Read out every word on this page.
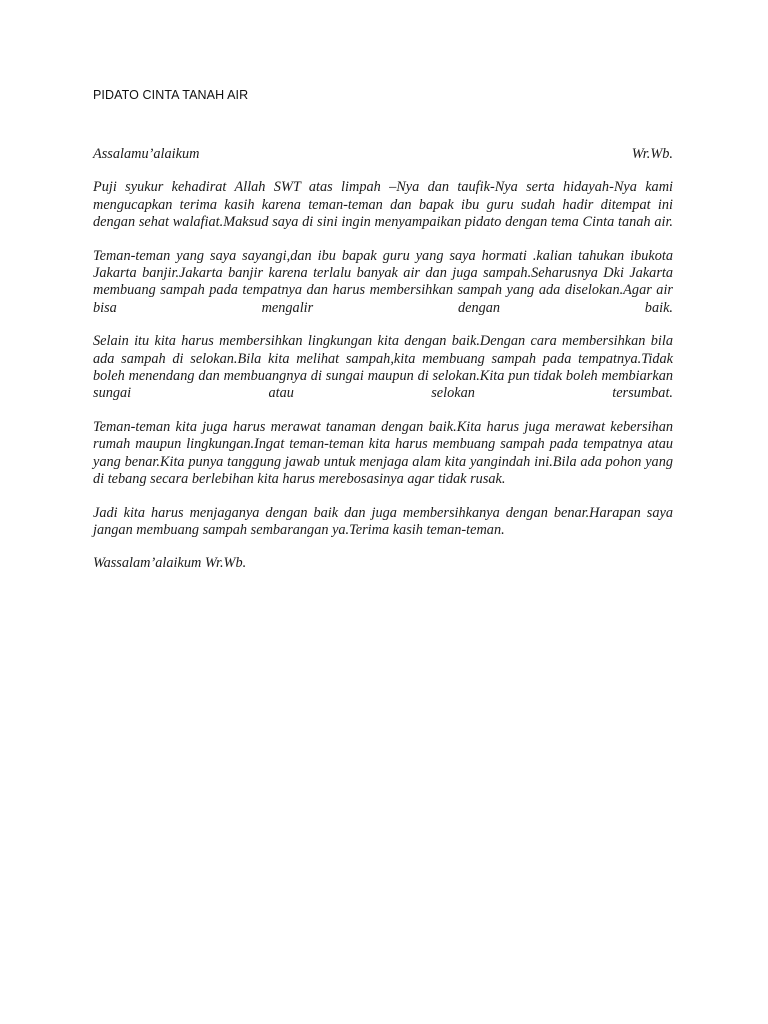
PIDATO CINTA TANAH AIR
Assalamu’alaikum	Wr.Wb.

Puji syukur kehadirat Allah SWT atas limpah –Nya dan taufik-Nya serta hidayah-Nya kami mengucapkan terima kasih karena teman-teman dan bapak ibu guru sudah hadir ditempat ini dengan sehat walafiat.Maksud saya di sini ingin menyampaikan pidato dengan tema Cinta tanah air.

Teman-teman yang saya sayangi,dan ibu bapak guru yang saya hormati .kalian tahukan ibukota Jakarta banjir.Jakarta banjir karena terlalu banyak air dan juga sampah.Seharusnya Dki Jakarta membuang sampah pada tempatnya dan harus membersihkan sampah yang ada diselokan.Agar air bisa mengalir dengan baik.

Selain itu kita harus membersihkan lingkungan kita dengan baik.Dengan cara membersihkan bila ada sampah di selokan.Bila kita melihat sampah,kita membuang sampah pada tempatnya.Tidak boleh menendang dan membuangnya di sungai maupun di selokan.Kita pun tidak boleh membiarkan sungai atau selokan tersumbat.

Teman-teman kita juga harus merawat tanaman dengan baik.Kita harus juga merawat kebersihan rumah maupun lingkungan.Ingat teman-teman kita harus membuang sampah pada tempatnya atau yang benar.Kita punya tanggung jawab untuk menjaga alam kita yangindah ini.Bila ada pohon yang di tebang secara berlebihan kita harus merebosasinya agar tidak rusak.

Jadi kita harus menjaganya dengan baik dan juga membersihkanya dengan benar.Harapan saya jangan membuang sampah sembarangan ya.Terima kasih teman-teman.

Wassalam’alaikum Wr.Wb.
